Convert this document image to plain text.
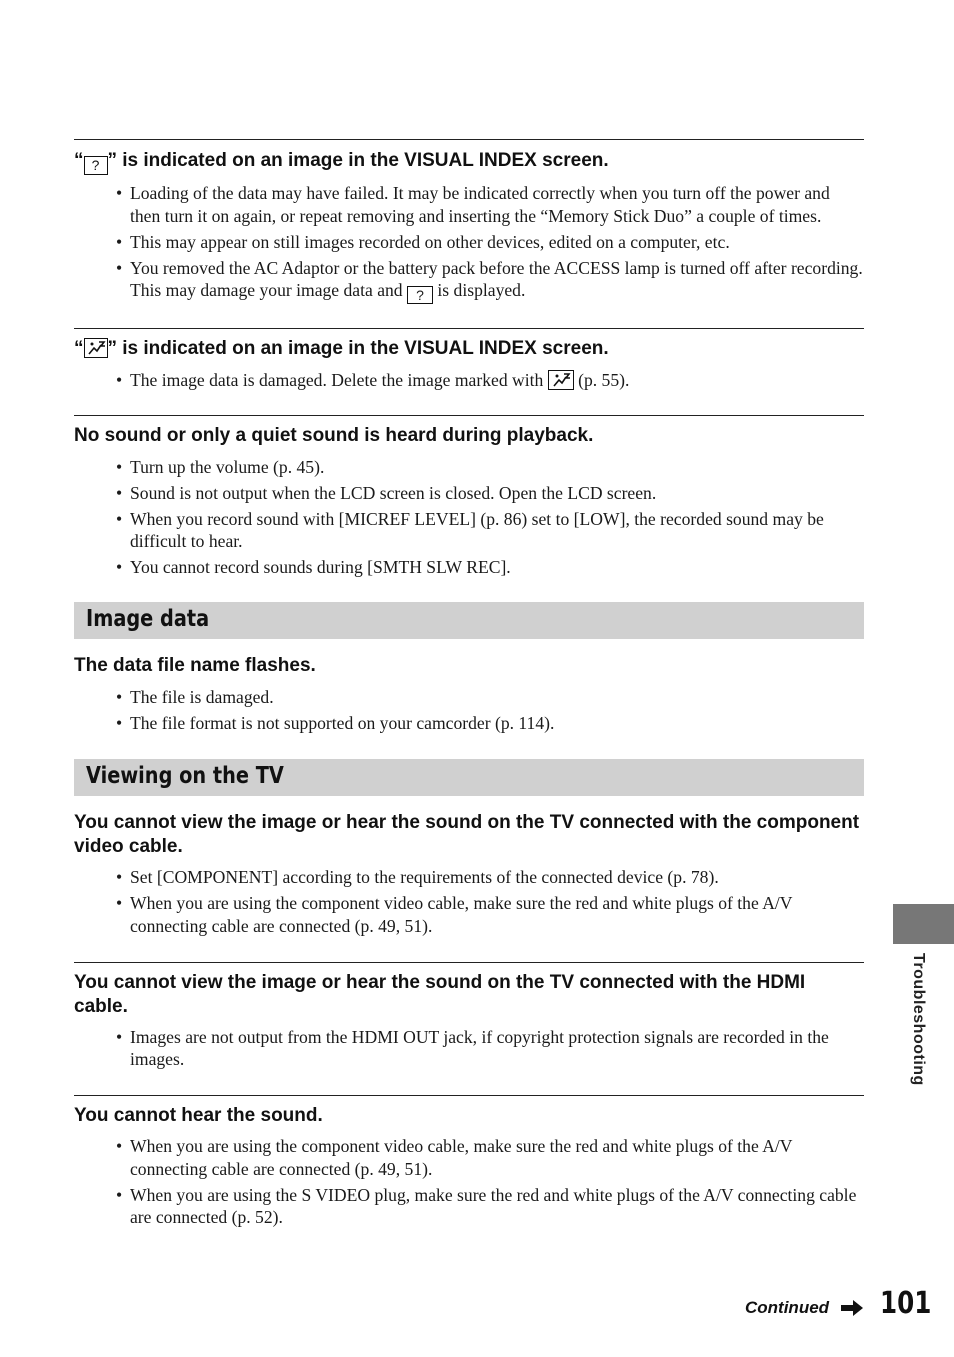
“ ? ” is indicated on an image in the VISUAL INDEX screen.

• Loading of the data may have failed. It may be indicated correctly when you turn off the power and then turn it on again, or repeat removing and inserting the “Memory Stick Duo” a couple of times.
• This may appear on still images recorded on other devices, edited on a computer, etc.
• You removed the AC Adaptor or the battery pack before the ACCESS lamp is turned off after recording. This may damage your image data and ? is displayed.

“ ” is indicated on an image in the VISUAL INDEX screen.

• The image data is damaged. Delete the image marked with
(p. 55).

No sound or only a quiet sound is heard during playback.

• Turn up the volume (p. 45).
• Sound is not output when the LCD screen is closed. Open the LCD screen.
• When you record sound with [MICREF LEVEL] (p. 86) set to [LOW], the recorded sound may be difficult to hear.
• You cannot record sounds during [SMTH SLW REC].
Image data

The data file name flashes.

• The file is damaged.
• The file format is not supported on your camcorder (p. 114).
Viewing on the TV

You cannot view the image or hear the sound on the TV connected with the component video cable.

• Set [COMPONENT] according to the requirements of the connected device (p. 78).
• When you are using the component video cable, make sure the red and white plugs of the A/V connecting cable are connected (p. 49, 51).

You cannot view the image or hear the sound on the TV connected with the HDMI cable.

• Images are not output from the HDMI OUT jack, if copyright protection signals are recorded in the images.

You cannot hear the sound.

• When you are using the component video cable, make sure the red and white plugs of the A/V connecting cable are connected (p. 49, 51).
• When you are using the S VIDEO plug, make sure the red and white plugs of the A/V connecting cable are connected (p. 52).
Troubleshooting
Continued 101
